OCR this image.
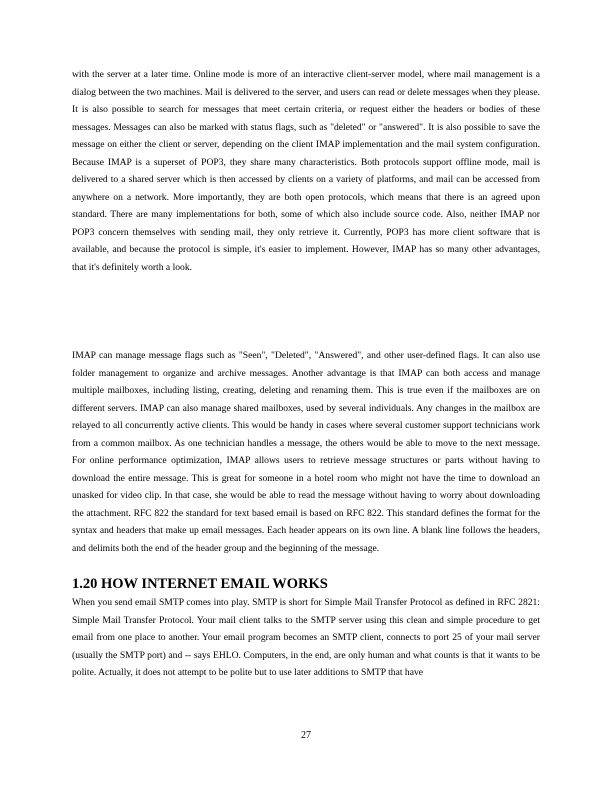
with the server at a later time. Online mode is more of an interactive client-server model, where mail management is a dialog between the two machines. Mail is delivered to the server, and users can read or delete messages when they please. It is also possible to search for messages that meet certain criteria, or request either the headers or bodies of these messages. Messages can also be marked with status flags, such as "deleted" or "answered". It is also possible to save the message on either the client or server, depending on the client IMAP implementation and the mail system configuration. Because IMAP is a superset of POP3, they share many characteristics. Both protocols support offline mode, mail is delivered to a shared server which is then accessed by clients on a variety of platforms, and mail can be accessed from anywhere on a network. More importantly, they are both open protocols, which means that there is an agreed upon standard. There are many implementations for both, some of which also include source code. Also, neither IMAP nor POP3 concern themselves with sending mail, they only retrieve it. Currently, POP3 has more client software that is available, and because the protocol is simple, it's easier to implement. However, IMAP has so many other advantages, that it's definitely worth a look.

IMAP can manage message flags such as "Seen", "Deleted", "Answered", and other user-defined flags. It can also use folder management to organize and archive messages. Another advantage is that IMAP can both access and manage multiple mailboxes, including listing, creating, deleting and renaming them. This is true even if the mailboxes are on different servers. IMAP can also manage shared mailboxes, used by several individuals. Any changes in the mailbox are relayed to all concurrently active clients. This would be handy in cases where several customer support technicians work from a common mailbox. As one technician handles a message, the others would be able to move to the next message. For online performance optimization, IMAP allows users to retrieve message structures or parts without having to download the entire message. This is great for someone in a hotel room who might not have the time to download an unasked for video clip. In that case, she would be able to read the message without having to worry about downloading the attachment. RFC 822 the standard for text based email is based on RFC 822. This standard defines the format for the syntax and headers that make up email messages. Each header appears on its own line. A blank line follows the headers, and delimits both the end of the header group and the beginning of the message.

1.20 HOW INTERNET EMAIL WORKS

When you send email SMTP comes into play. SMTP is short for Simple Mail Transfer Protocol as defined in RFC 2821: Simple Mail Transfer Protocol. Your mail client talks to the SMTP server using this clean and simple procedure to get email from one place to another. Your email program becomes an SMTP client, connects to port 25 of your mail server (usually the SMTP port) and -- says EHLO. Computers, in the end, are only human and what counts is that it wants to be polite. Actually, it does not attempt to be polite but to use later additions to SMTP that have

27
